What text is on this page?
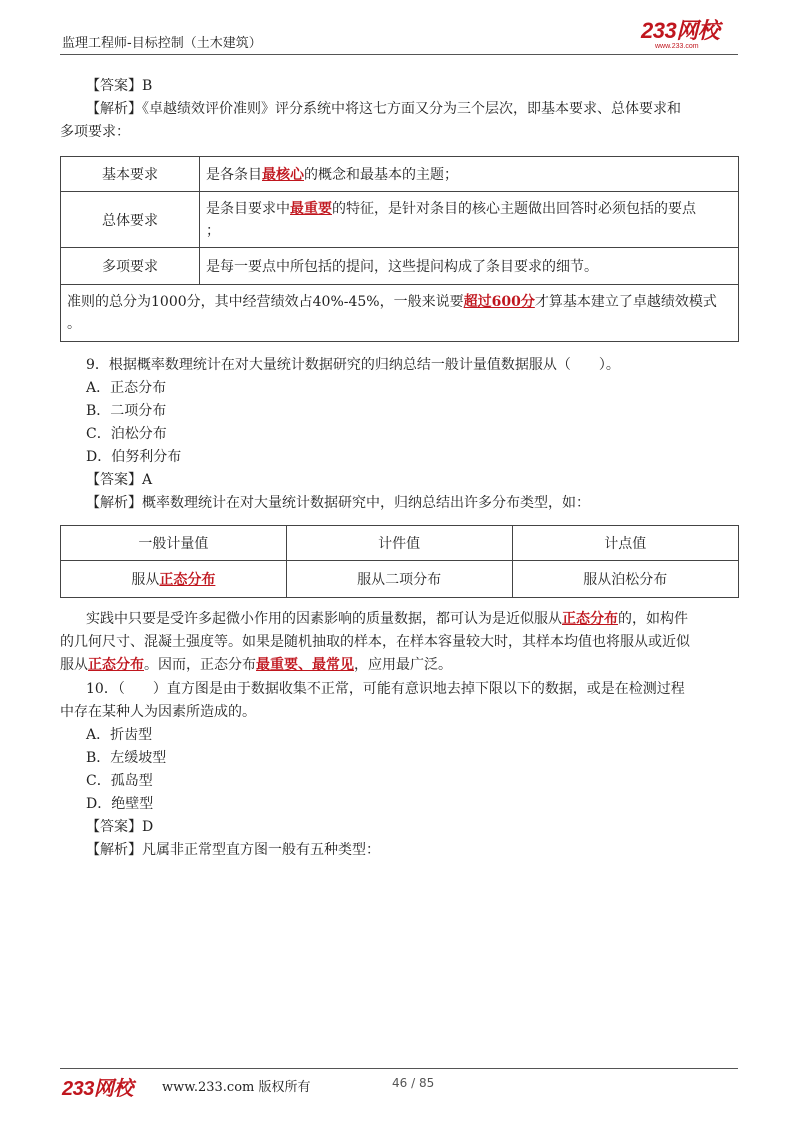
监理工程师-目标控制（土木建筑）
233网校
www.233.com
【答案】B
【解析】《卓越绩效评价准则》评分系统中将这七方面又分为三个层次，即基本要求、总体要求和
多项要求：
基本要求	是各条目最核心的概念和最基本的主题；
总体要求	是条目要求中最重要的特征，是针对条目的核心主题做出回答时必须包括的要点
；
多项要求	是每一要点中所包括的提问，这些提问构成了条目要求的细节。
准则的总分为1000分，其中经营绩效占40%-45%，一般来说要超过600分才算基本建立了卓越绩效模式
。	
9．根据概率数理统计在对大量统计数据研究的归纳总结一般计量值数据服从（　　）。
A．正态分布
B．二项分布
C．泊松分布
D．伯努利分布
【答案】A
【解析】概率数理统计在对大量统计数据研究中，归纳总结出许多分布类型，如：
一般计量值	计件值	计点值
服从正态分布	服从二项分布	服从泊松分布
实践中只要是受许多起微小作用的因素影响的质量数据，都可认为是近似服从正态分布的，如构件
的几何尺寸、混凝土强度等。如果是随机抽取的样本，在样本容量较大时，其样本均值也将服从或近似
服从正态分布。因而，正态分布最重要、最常见，应用最广泛。
10．（　　）直方图是由于数据收集不正常，可能有意识地去掉下限以下的数据，或是在检测过程
中存在某种人为因素所造成的。
A．折齿型
B．左缓坡型
C．孤岛型
D．绝壁型
【答案】D
【解析】凡属非正常型直方图一般有五种类型：
233网校 www.233.com 版权所有	46 / 85
